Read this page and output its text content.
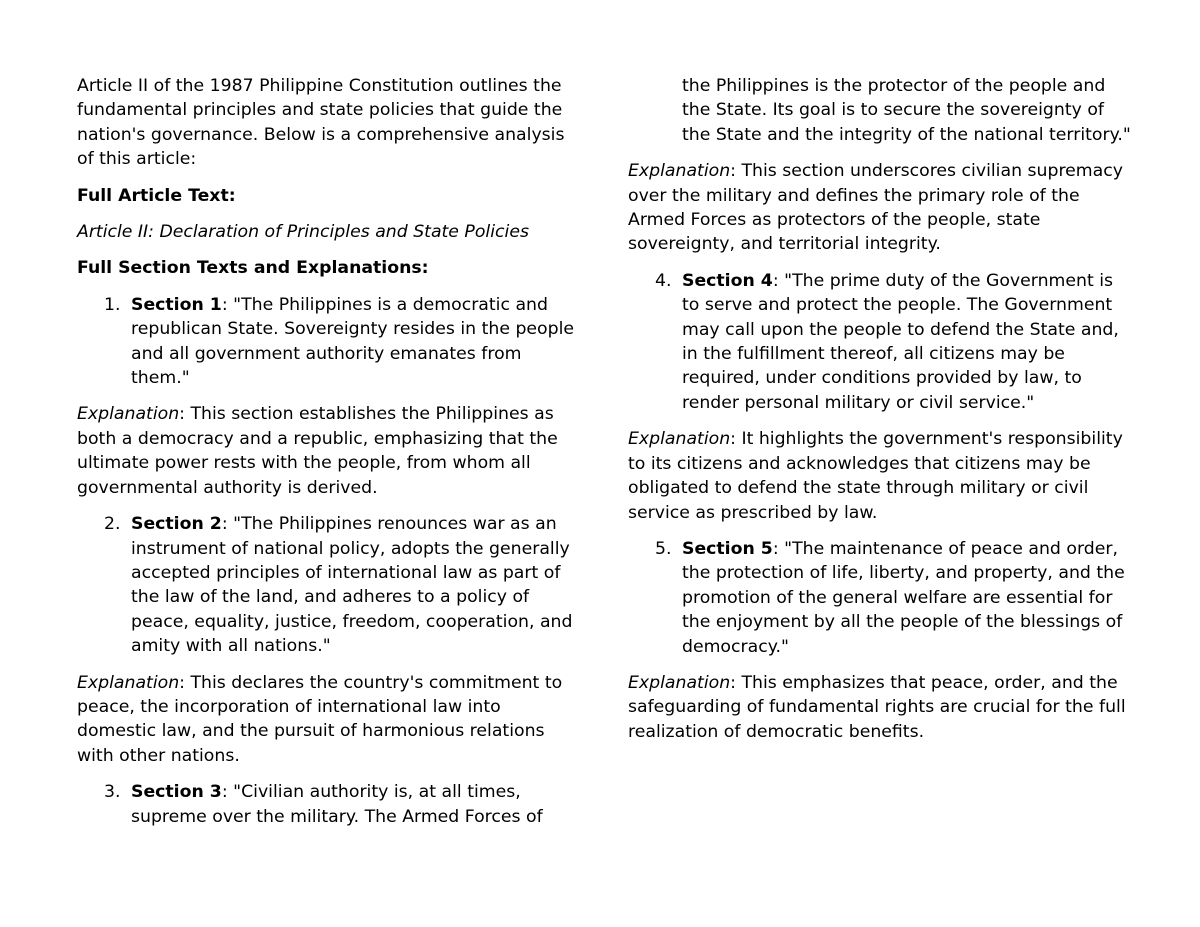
Article II of the 1987 Philippine Constitution outlines the fundamental principles and state policies that guide the nation's governance. Below is a comprehensive analysis of this article:

Full Article Text:

Article II: Declaration of Principles and State Policies

Full Section Texts and Explanations:

1. Section 1: "The Philippines is a democratic and republican State. Sovereignty resides in the people and all government authority emanates from them."

Explanation: This section establishes the Philippines as both a democracy and a republic, emphasizing that the ultimate power rests with the people, from whom all governmental authority is derived.

2. Section 2: "The Philippines renounces war as an instrument of national policy, adopts the generally accepted principles of international law as part of the law of the land, and adheres to a policy of peace, equality, justice, freedom, cooperation, and amity with all nations."

Explanation: This declares the country's commitment to peace, the incorporation of international law into domestic law, and the pursuit of harmonious relations with other nations.

3. Section 3: "Civilian authority is, at all times, supreme over the military. The Armed Forces of
the Philippines is the protector of the people and the State. Its goal is to secure the sovereignty of the State and the integrity of the national territory."

Explanation: This section underscores civilian supremacy over the military and defines the primary role of the Armed Forces as protectors of the people, state sovereignty, and territorial integrity.

4. Section 4: "The prime duty of the Government is to serve and protect the people. The Government may call upon the people to defend the State and, in the fulfillment thereof, all citizens may be required, under conditions provided by law, to render personal military or civil service."

Explanation: It highlights the government's responsibility to its citizens and acknowledges that citizens may be obligated to defend the state through military or civil service as prescribed by law.

5. Section 5: "The maintenance of peace and order, the protection of life, liberty, and property, and the promotion of the general welfare are essential for the enjoyment by all the people of the blessings of democracy."

Explanation: This emphasizes that peace, order, and the safeguarding of fundamental rights are crucial for the full realization of democratic benefits.
